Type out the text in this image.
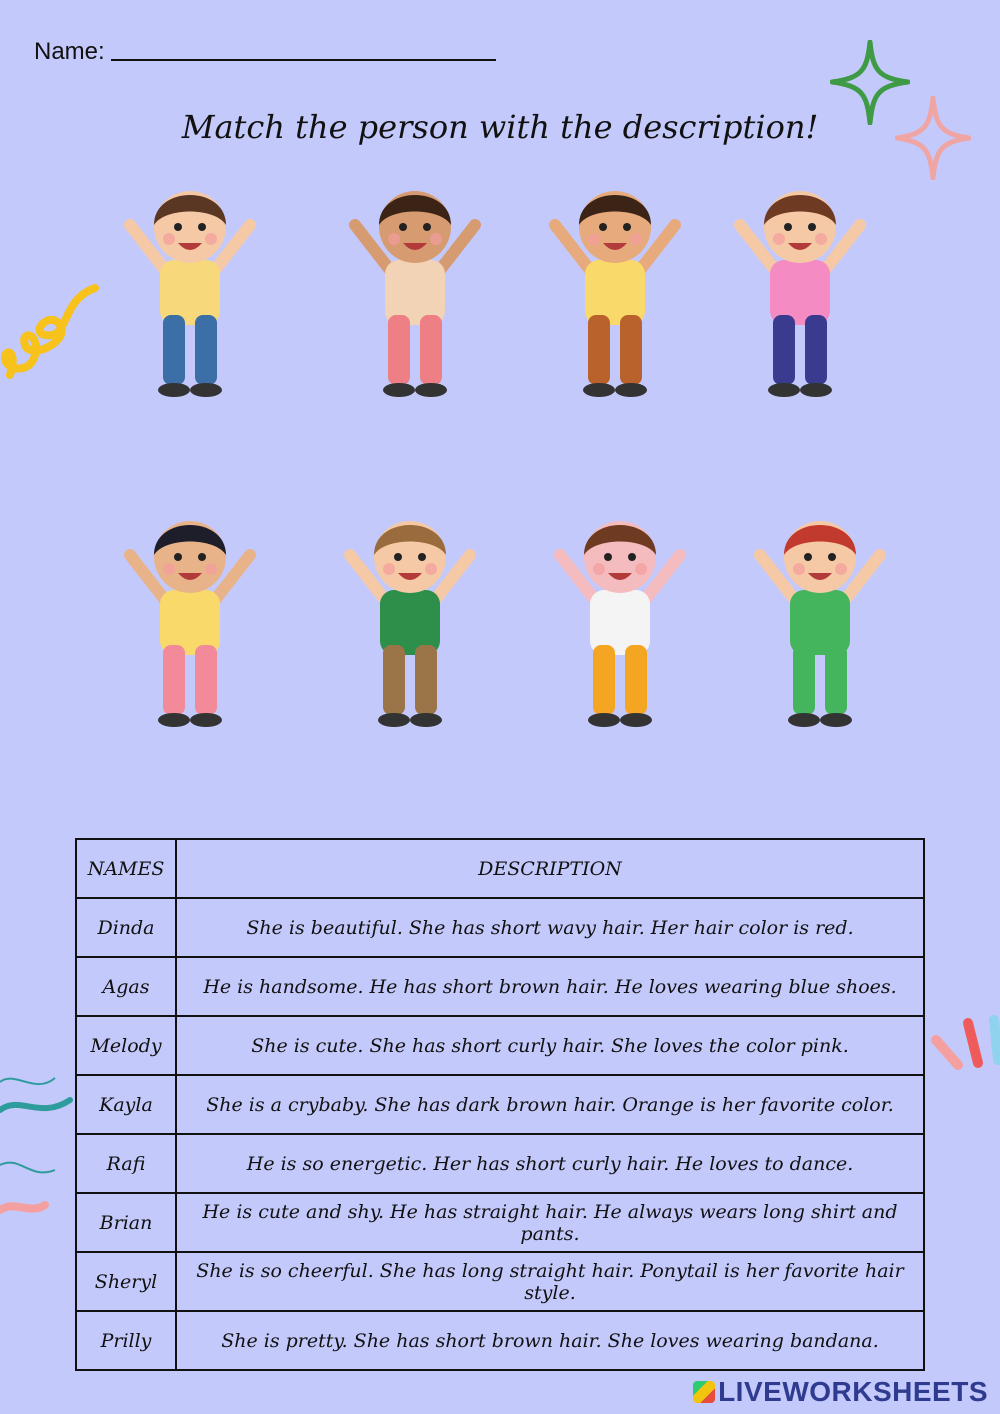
Name:
Match the person with the description!
NAMES	DESCRIPTION
Dinda	She is beautiful. She has short wavy hair. Her hair color is red.
Agas	He is handsome. He has short brown hair. He loves wearing blue shoes.
Melody	She is cute. She has short curly hair. She loves the color pink.
Kayla	She is a crybaby. She has dark brown hair. Orange is her favorite color.
Rafi	He is so energetic. Her has short curly hair. He loves to dance.
Brian	He is cute and shy. He has straight hair. He always wears long shirt and pants.
Sheryl	She is so cheerful. She has long straight hair. Ponytail is her favorite hair style.
Prilly	She is pretty. She has short brown hair. She loves wearing bandana.
LIVEWORKSHEETS
